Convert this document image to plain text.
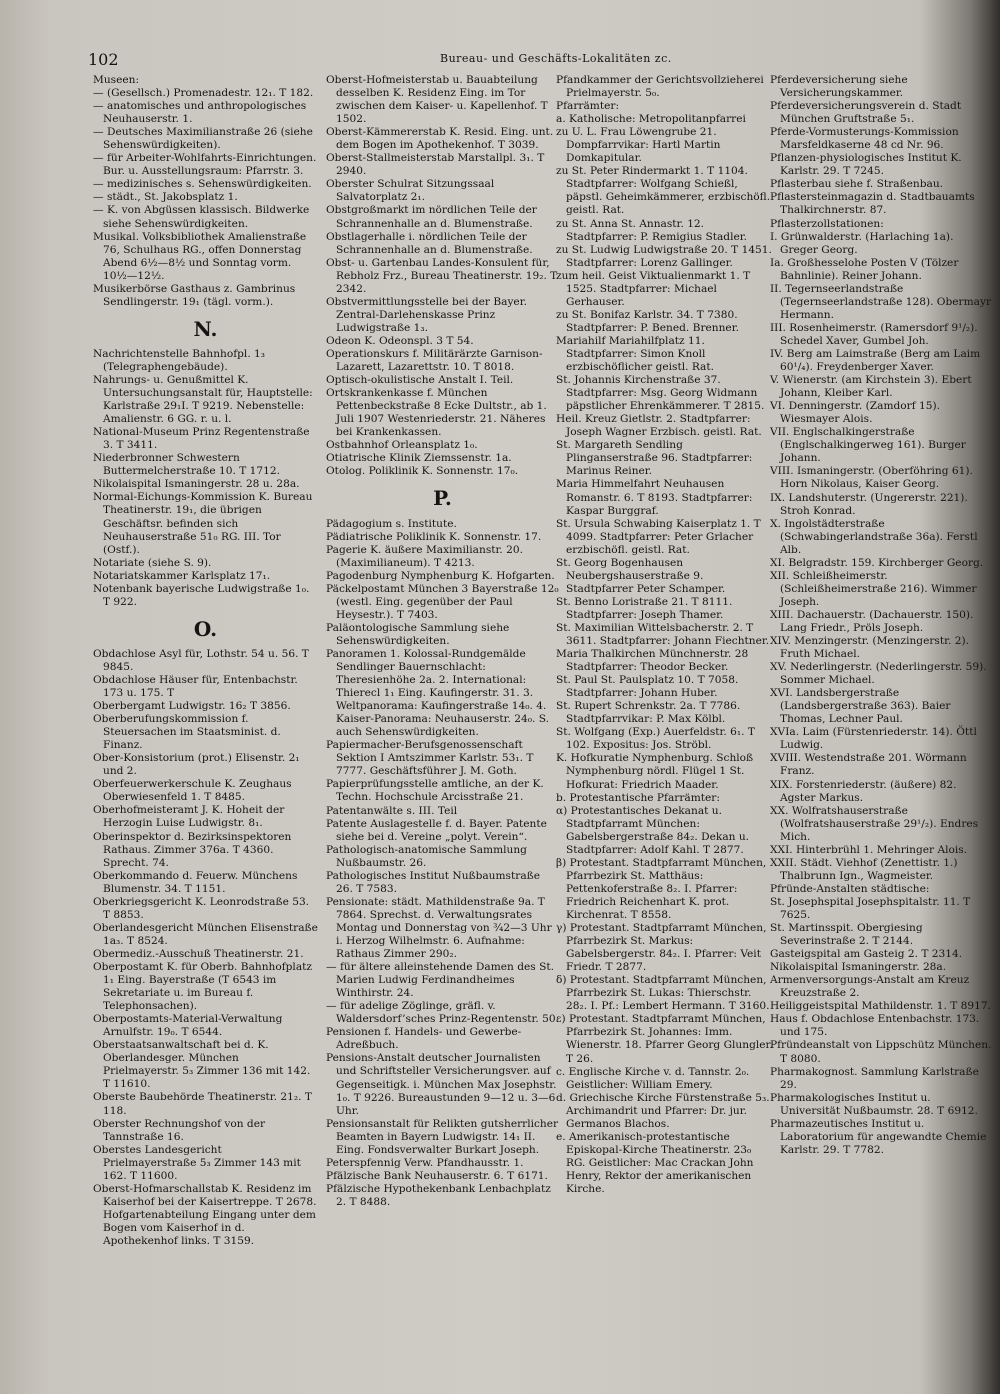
102	Bureau- und Geschäfts-Lokalitäten zc.

Museen:

— (Gesellsch.) Promenadestr. 12₁. T 182.

— anatomisches und anthropologisches Neuhauserstr. 1.

— Deutsches Maximilianstraße 26 (siehe Sehenswürdigkeiten).

— für Arbeiter-Wohlfahrts-Einrichtungen. Bur. u. Ausstellungsraum: Pfarrstr. 3.

— medizinisches s. Sehenswürdigkeiten.

— städt., St. Jakobsplatz 1.

— K. von Abgüssen klassisch. Bildwerke siehe Sehenswürdigkeiten.

Musikal. Volksbibliothek Amalienstraße 76, Schulhaus RG., offen Donnerstag Abend 6½—8½ und Sonntag vorm. 10½—12½.

Musikerbörse Gasthaus z. Gambrinus Sendlingerstr. 19₁ (tägl. vorm.).

N.

Nachrichtenstelle Bahnhofpl. 1₃ (Telegraphengebäude).

Nahrungs- u. Genußmittel K. Untersuchungsanstalt für, Hauptstelle: Karlstraße 29₁I. T 9219. Nebenstelle: Amalienstr. 6 GG. r. u. l.

National-Museum Prinz Regentenstraße 3. T 3411.

Niederbronner Schwestern Buttermelcherstraße 10. T 1712.

Nikolaispital Ismaningerstr. 28 u. 28a.

Normal-Eichungs-Kommission K. Bureau Theatinerstr. 19₁, die übrigen Geschäftsr. befinden sich Neuhauserstraße 51₀ RG. III. Tor (Ostf.).

Notariate (siehe S. 9).

Notariatskammer Karlsplatz 17₁.

Notenbank bayerische Ludwigstraße 1₀. T 922.

O.

Obdachlose Asyl für, Lothstr. 54 u. 56. T 9845.

Obdachlose Häuser für, Entenbachstr. 173 u. 175. T

Oberbergamt Ludwigstr. 16₂ T 3856.

Oberberufungskommission f. Steuersachen im Staatsminist. d. Finanz.

Ober-Konsistorium (prot.) Elisenstr. 2₁ und 2.

Oberfeuerwerkerschule K. Zeughaus Oberwiesenfeld 1. T 8485.

Oberhofmeisteramt J. K. Hoheit der Herzogin Luise Ludwigstr. 8₁.

Oberinspektor d. Bezirksinspektoren Rathaus. Zimmer 376a. T 4360. Sprecht. 74.

Oberkommando d. Feuerw. Münchens Blumenstr. 34. T 1151.

Oberkriegsgericht K. Leonrodstraße 53. T 8853.

Oberlandesgericht München Elisenstraße 1a₃. T 8524.

Obermediz.-Ausschuß Theatinerstr. 21.

Oberpostamt K. für Oberb. Bahnhofplatz 1₁ Eing. Bayerstraße (T 6543 im Sekretariate u. im Bureau f. Telephonsachen).

Oberpostamts-Material-Verwaltung Arnulfstr. 19₀. T 6544.

Oberstaatsanwaltschaft bei d. K. Oberlandesger. München Prielmayerstr. 5₃ Zimmer 136 mit 142. T 11610.

Oberste Baubehörde Theatinerstr. 21₂. T 118.

Oberster Rechnungshof von der Tannstraße 16.

Oberstes Landesgericht Prielmayerstraße 5₃ Zimmer 143 mit 162. T 11600.

Oberst-Hofmarschallstab K. Residenz im Kaiserhof bei der Kaisertreppe. T 2678. Hofgartenabteilung Eingang unter dem Bogen vom Kaiserhof in d. Apothekenhof links. T 3159.

Oberst-Hofmeisterstab u. Bauabteilung desselben K. Residenz Eing. im Tor zwischen dem Kaiser- u. Kapellenhof. T 1502.

Oberst-Kämmererstab K. Resid. Eing. unt. dem Bogen im Apothekenhof. T 3039.

Oberst-Stallmeisterstab Marstallpl. 3₁. T 2940.

Oberster Schulrat Sitzungssaal Salvatorplatz 2₁.

Obstgroßmarkt im nördlichen Teile der Schrannenhalle an d. Blumenstraße.

Obstlagerhalle i. nördlichen Teile der Schrannenhalle an d. Blumenstraße.

Obst- u. Gartenbau Landes-Konsulent für, Rebholz Frz., Bureau Theatinerstr. 19₂. T 2342.

Obstvermittlungsstelle bei der Bayer. Zentral-Darlehenskasse Prinz Ludwigstraße 1₃.

Odeon K. Odeonspl. 3 T 54.

Operationskurs f. Militärärzte Garnison-Lazarett, Lazarettstr. 10. T 8018.

Optisch-okulistische Anstalt I. Teil.

Ortskrankenkasse f. München Pettenbeckstraße 8 Ecke Dultstr., ab 1. Juli 1907 Westenriederstr. 21. Näheres bei Krankenkassen.

Ostbahnhof Orleansplatz 1₀.

Otiatrische Klinik Ziemssenstr. 1a.

Otolog. Poliklinik K. Sonnenstr. 17₀.

P.

Pädagogium s. Institute.

Pädiatrische Poliklinik K. Sonnenstr. 17.

Pagerie K. äußere Maximilianstr. 20. (Maximilianeum). T 4213.

Pagodenburg Nymphenburg K. Hofgarten.

Päckelpostamt München 3 Bayerstraße 12₀ (westl. Eing. gegenüber der Paul Heysestr.). T 7403.

Paläontologische Sammlung siehe Sehenswürdigkeiten.

Panoramen 1. Kolossal-Rundgemälde Sendlinger Bauernschlacht: Theresienhöhe 2a. 2. International: Thierecl 1₁ Eing. Kaufingerstr. 31. 3. Weltpanorama: Kaufingerstraße 14₀. 4. Kaiser-Panorama: Neuhauserstr. 24₀. S. auch Sehenswürdigkeiten.

Papiermacher-Berufsgenossenschaft Sektion I Amtszimmer Karlstr. 53₁. T 7777. Geschäftsführer J. M. Goth.

Papierprüfungsstelle amtliche, an der K. Techn. Hochschule Arcisstraße 21.

Patentanwälte s. III. Teil

Patente Auslagestelle f. d. Bayer. Patente siehe bei d. Vereine „polyt. Verein“.

Pathologisch-anatomische Sammlung Nußbaumstr. 26.

Pathologisches Institut Nußbaumstraße 26. T 7583.

Pensionate: städt. Mathildenstraße 9a. T 7864. Sprechst. d. Verwaltungsrates Montag und Donnerstag von ¾2—3 Uhr i. Herzog Wilhelmstr. 6. Aufnahme: Rathaus Zimmer 290₂.

— für ältere alleinstehende Damen des St. Marien Ludwig Ferdinandheimes Winthirstr. 24.

— für adelige Zöglinge, gräfl. v. Waldersdorf’sches Prinz-Regentenstr. 50.

Pensionen f. Handels- und Gewerbe-Adreßbuch.

Pensions-Anstalt deutscher Journalisten und Schriftsteller Versicherungsver. auf Gegenseitigk. i. München Max Josephstr. 1₀. T 9226. Bureaustunden 9—12 u. 3—6 Uhr.

Pensionsanstalt für Relikten gutsherrlicher Beamten in Bayern Ludwigstr. 14₁ II. Eing. Fondsverwalter Burkart Joseph.

Peterspfennig Verw. Pfandhausstr. 1.

Pfälzische Bank Neuhauserstr. 6. T 6171.

Pfälzische Hypothekenbank Lenbachplatz 2. T 8488.

Pfandkammer der Gerichtsvollzieherei Prielmayerstr. 5₀.

Pfarrämter:

a. Katholische: Metropolitanpfarrei

zu U. L. Frau Löwengrube 21. Dompfarrvikar: Hartl Martin Domkapitular.

zu St. Peter Rindermarkt 1. T 1104. Stadtpfarrer: Wolfgang Schießl, päpstl. Geheimkämmerer, erzbischöfl. geistl. Rat.

zu St. Anna St. Annastr. 12. Stadtpfarrer: P. Remigius Stadler.

zu St. Ludwig Ludwigstraße 20. T 1451. Stadtpfarrer: Lorenz Gallinger.

zum heil. Geist Viktualienmarkt 1. T 1525. Stadtpfarrer: Michael Gerhauser.

zu St. Bonifaz Karlstr. 34. T 7380. Stadtpfarrer: P. Bened. Brenner.

Mariahilf Mariahilfplatz 11. Stadtpfarrer: Simon Knoll erzbischöflicher geistl. Rat.

St. Johannis Kirchenstraße 37. Stadtpfarrer: Msg. Georg Widmann päpstlicher Ehrenkämmerer. T 2815.

Heil. Kreuz Gietlstr. 2. Stadtpfarrer: Joseph Wagner Erzbisch. geistl. Rat.

St. Margareth Sendling Plinganserstraße 96. Stadtpfarrer: Marinus Reiner.

Maria Himmelfahrt Neuhausen Romanstr. 6. T 8193. Stadtpfarrer: Kaspar Burggraf.

St. Ursula Schwabing Kaiserplatz 1. T 4099. Stadtpfarrer: Peter Grlacher erzbischöfl. geistl. Rat.

St. Georg Bogenhausen Neubergshauserstraße 9. Stadtpfarrer Peter Schamper.

St. Benno Loristraße 21. T 8111. Stadtpfarrer: Joseph Thamer.

St. Maximilian Wittelsbacherstr. 2. T 3611. Stadtpfarrer: Johann Fiechtner.

Maria Thalkirchen Münchnerstr. 28 Stadtpfarrer: Theodor Becker.

St. Paul St. Paulsplatz 10. T 7058. Stadtpfarrer: Johann Huber.

St. Rupert Schrenkstr. 2a. T 7786. Stadtpfarrvikar: P. Max Kölbl.

St. Wolfgang (Exp.) Auerfeldstr. 6₁. T 102. Expositus: Jos. Ströbl.

K. Hofkuratie Nymphenburg. Schloß Nymphenburg nördl. Flügel 1 St. Hofkurat: Friedrich Maader.

b. Protestantische Pfarrämter:

α) Protestantisches Dekanat u. Stadtpfarramt München: Gabelsbergerstraße 84₂. Dekan u. Stadtpfarrer: Adolf Kahl. T 2877.

β) Protestant. Stadtpfarramt München, Pfarrbezirk St. Matthäus: Pettenkoferstraße 8₂. I. Pfarrer: Friedrich Reichenhart K. prot. Kirchenrat. T 8558.

γ) Protestant. Stadtpfarramt München, Pfarrbezirk St. Markus: Gabelsbergerstr. 84₂. I. Pfarrer: Veit Friedr. T 2877.

δ) Protestant. Stadtpfarramt München, Pfarrbezirk St. Lukas: Thierschstr. 28₂. I. Pf.: Lembert Hermann. T 3160.

ε) Protestant. Stadtpfarramt München, Pfarrbezirk St. Johannes: Imm. Wienerstr. 18. Pfarrer Georg Glungler. T 26.

c. Englische Kirche v. d. Tannstr. 2₀. Geistlicher: William Emery.

d. Griechische Kirche Fürstenstraße 5₃. Archimandrit und Pfarrer: Dr. jur. Germanos Blachos.

e. Amerikanisch-protestantische Episkopal-Kirche Theatinerstr. 23₀ RG. Geistlicher: Mac Crackan John Henry, Rektor der amerikanischen Kirche.

Pferdeversicherung siehe Versicherungskammer.

Pferdeversicherungsverein d. Stadt München Gruftstraße 5₁.

Pferde-Vormusterungs-Kommission Marsfeldkaserne 48 cd Nr. 96.

Pflanzen-physiologisches Institut K. Karlstr. 29. T 7245.

Pflasterbau siehe f. Straßenbau.

Pflastersteinmagazin d. Stadtbauamts Thalkirchnerstr. 87.

Pflasterzollstationen:

I. Grünwalderstr. (Harlaching 1a). Greger Georg.

Ia. Großhesselohe Posten V (Tölzer Bahnlinie). Reiner Johann.

II. Tegernseerlandstraße (Tegernseerlandstraße 128). Obermayr Hermann.

III. Rosenheimerstr. (Ramersdorf 9¹/₂). Schedel Xaver, Gumbel Joh.

IV. Berg am Laimstraße (Berg am Laim 60¹/₄). Freydenberger Xaver.

V. Wienerstr. (am Kirchstein 3). Ebert Johann, Kleiber Karl.

VI. Denningerstr. (Zamdorf 15). Wiesmayer Alois.

VII. Englschalkingerstraße (Englschalkingerweg 161). Burger Johann.

VIII. Ismaningerstr. (Oberföhring 61). Horn Nikolaus, Kaiser Georg.

IX. Landshuterstr. (Ungererstr. 221). Stroh Konrad.

X. Ingolstädterstraße (Schwabingerlandstraße 36a). Ferstl Alb.

XI. Belgradstr. 159. Kirchberger Georg.

XII. Schleißheimerstr. (Schleißheimerstraße 216). Wimmer Joseph.

XIII. Dachauerstr. (Dachauerstr. 150). Lang Friedr., Pröls Joseph.

XIV. Menzingerstr. (Menzingerstr. 2). Fruth Michael.

XV. Nederlingerstr. (Nederlingerstr. 59). Sommer Michael.

XVI. Landsbergerstraße (Landsbergerstraße 363). Baier Thomas, Lechner Paul.

XVIa. Laim (Fürstenriederstr. 14). Öttl Ludwig.

XVIII. Westendstraße 201. Wörmann Franz.

XIX. Forstenriederstr. (äußere) 82. Agster Markus.

XX. Wolfratshauserstraße (Wolfratshauserstraße 29¹/₂). Endres Mich.

XXI. Hinterbrühl 1. Mehringer Alois.

XXII. Städt. Viehhof (Zenettistr. 1.) Thalbrunn Ign., Wagmeister.

Pfründe-Anstalten städtische:

St. Josephspital Josephspitalstr. 11. T 7625.

St. Martinsspit. Obergiesing Severinstraße 2. T 2144.

Gasteigspital am Gasteig 2. T 2314.

Nikolaispital Ismaningerstr. 28a.

Armenversorgungs-Anstalt am Kreuz Kreuzstraße 2.

Heiliggeistspital Mathildenstr. 1. T 8917.

Haus f. Obdachlose Entenbachstr. 173. und 175.

Pfründeanstalt von Lippschütz München. T 8080.

Pharmakognost. Sammlung Karlstraße 29.

Pharmakologisches Institut u. Universität Nußbaumstr. 28. T 6912.

Pharmazeutisches Institut u. Laboratorium für angewandte Chemie Karlstr. 29. T 7782.
